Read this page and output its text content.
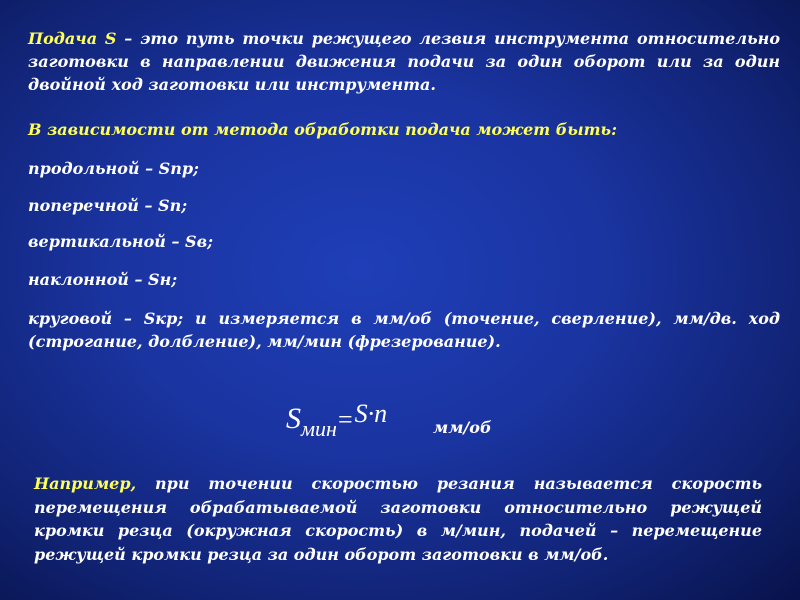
Подача S – это путь точки режущего лезвия инструмента относительно заготовки в направлении движения подачи за один оборот или за один двойной ход заготовки или инструмента.

В зависимости от метода обработки подача может быть:

продольной – Sпр;

поперечной – Sп;

вертикальной – Sв;

наклонной – Sн;

круговой – Sкр; и измеряется в мм/об (точение, сверление), мм/дв. ход (строгание, долбление), мм/мин (фрезерование).

Sмин=S·n	мм/об

Например, при точении скоростью резания называется скорость перемещения обрабатываемой заготовки относительно режущей кромки резца (окружная скорость) в м/мин, подачей – перемещение режущей кромки резца за один оборот заготовки в мм/об.
